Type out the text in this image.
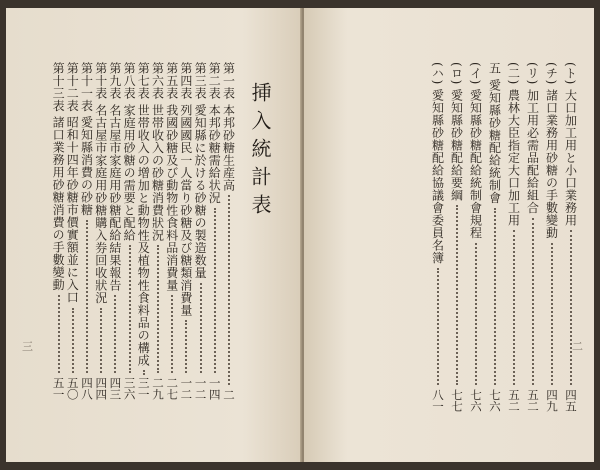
挿入統計表
三	二
第一表
本邦砂糖生産高
二
第二表
本邦砂糖需給状況
一四
第三表
愛知縣に於ける砂糖の製造数量
一二
第四表
列國國民一人當り砂糖及び糖類消費量
一二
第五表
我國砂糖及び動物性食料品消費量
二七
第六表
世帯收入の砂糖消費狀況
二九
第七表
世帯收入の增加と動物性及植物性食料品の構成
三一
第八表
家庭用砂糖の需要と配給
三六
第九表
名古屋市家庭用砂糖配給結果報告
四三
第十表
名古屋市家庭用砂糖購入券回收狀況
四四
第十一表
愛知縣消費の砂糖
四八
第十二表
昭和十四年砂糖市價實額並に入口
五〇
第十三表
諸口業務用砂糖消費の手數變動
五一
(ト)
大口加工用と小口業務用
四五
(チ)
諸口業務用砂糖の手數變動
四九
(リ)
加工用必需品配給組合
五二
(二)
農林大臣指定大口加工用
五二
五
愛知縣砂糖配給統制會
七六
(イ)
愛知縣砂糖配給統制會規程
七六
(ロ)
愛知縣砂糖配給要綱
七七
(ハ)
愛知縣砂糖配給協議會委員名簿
八一
